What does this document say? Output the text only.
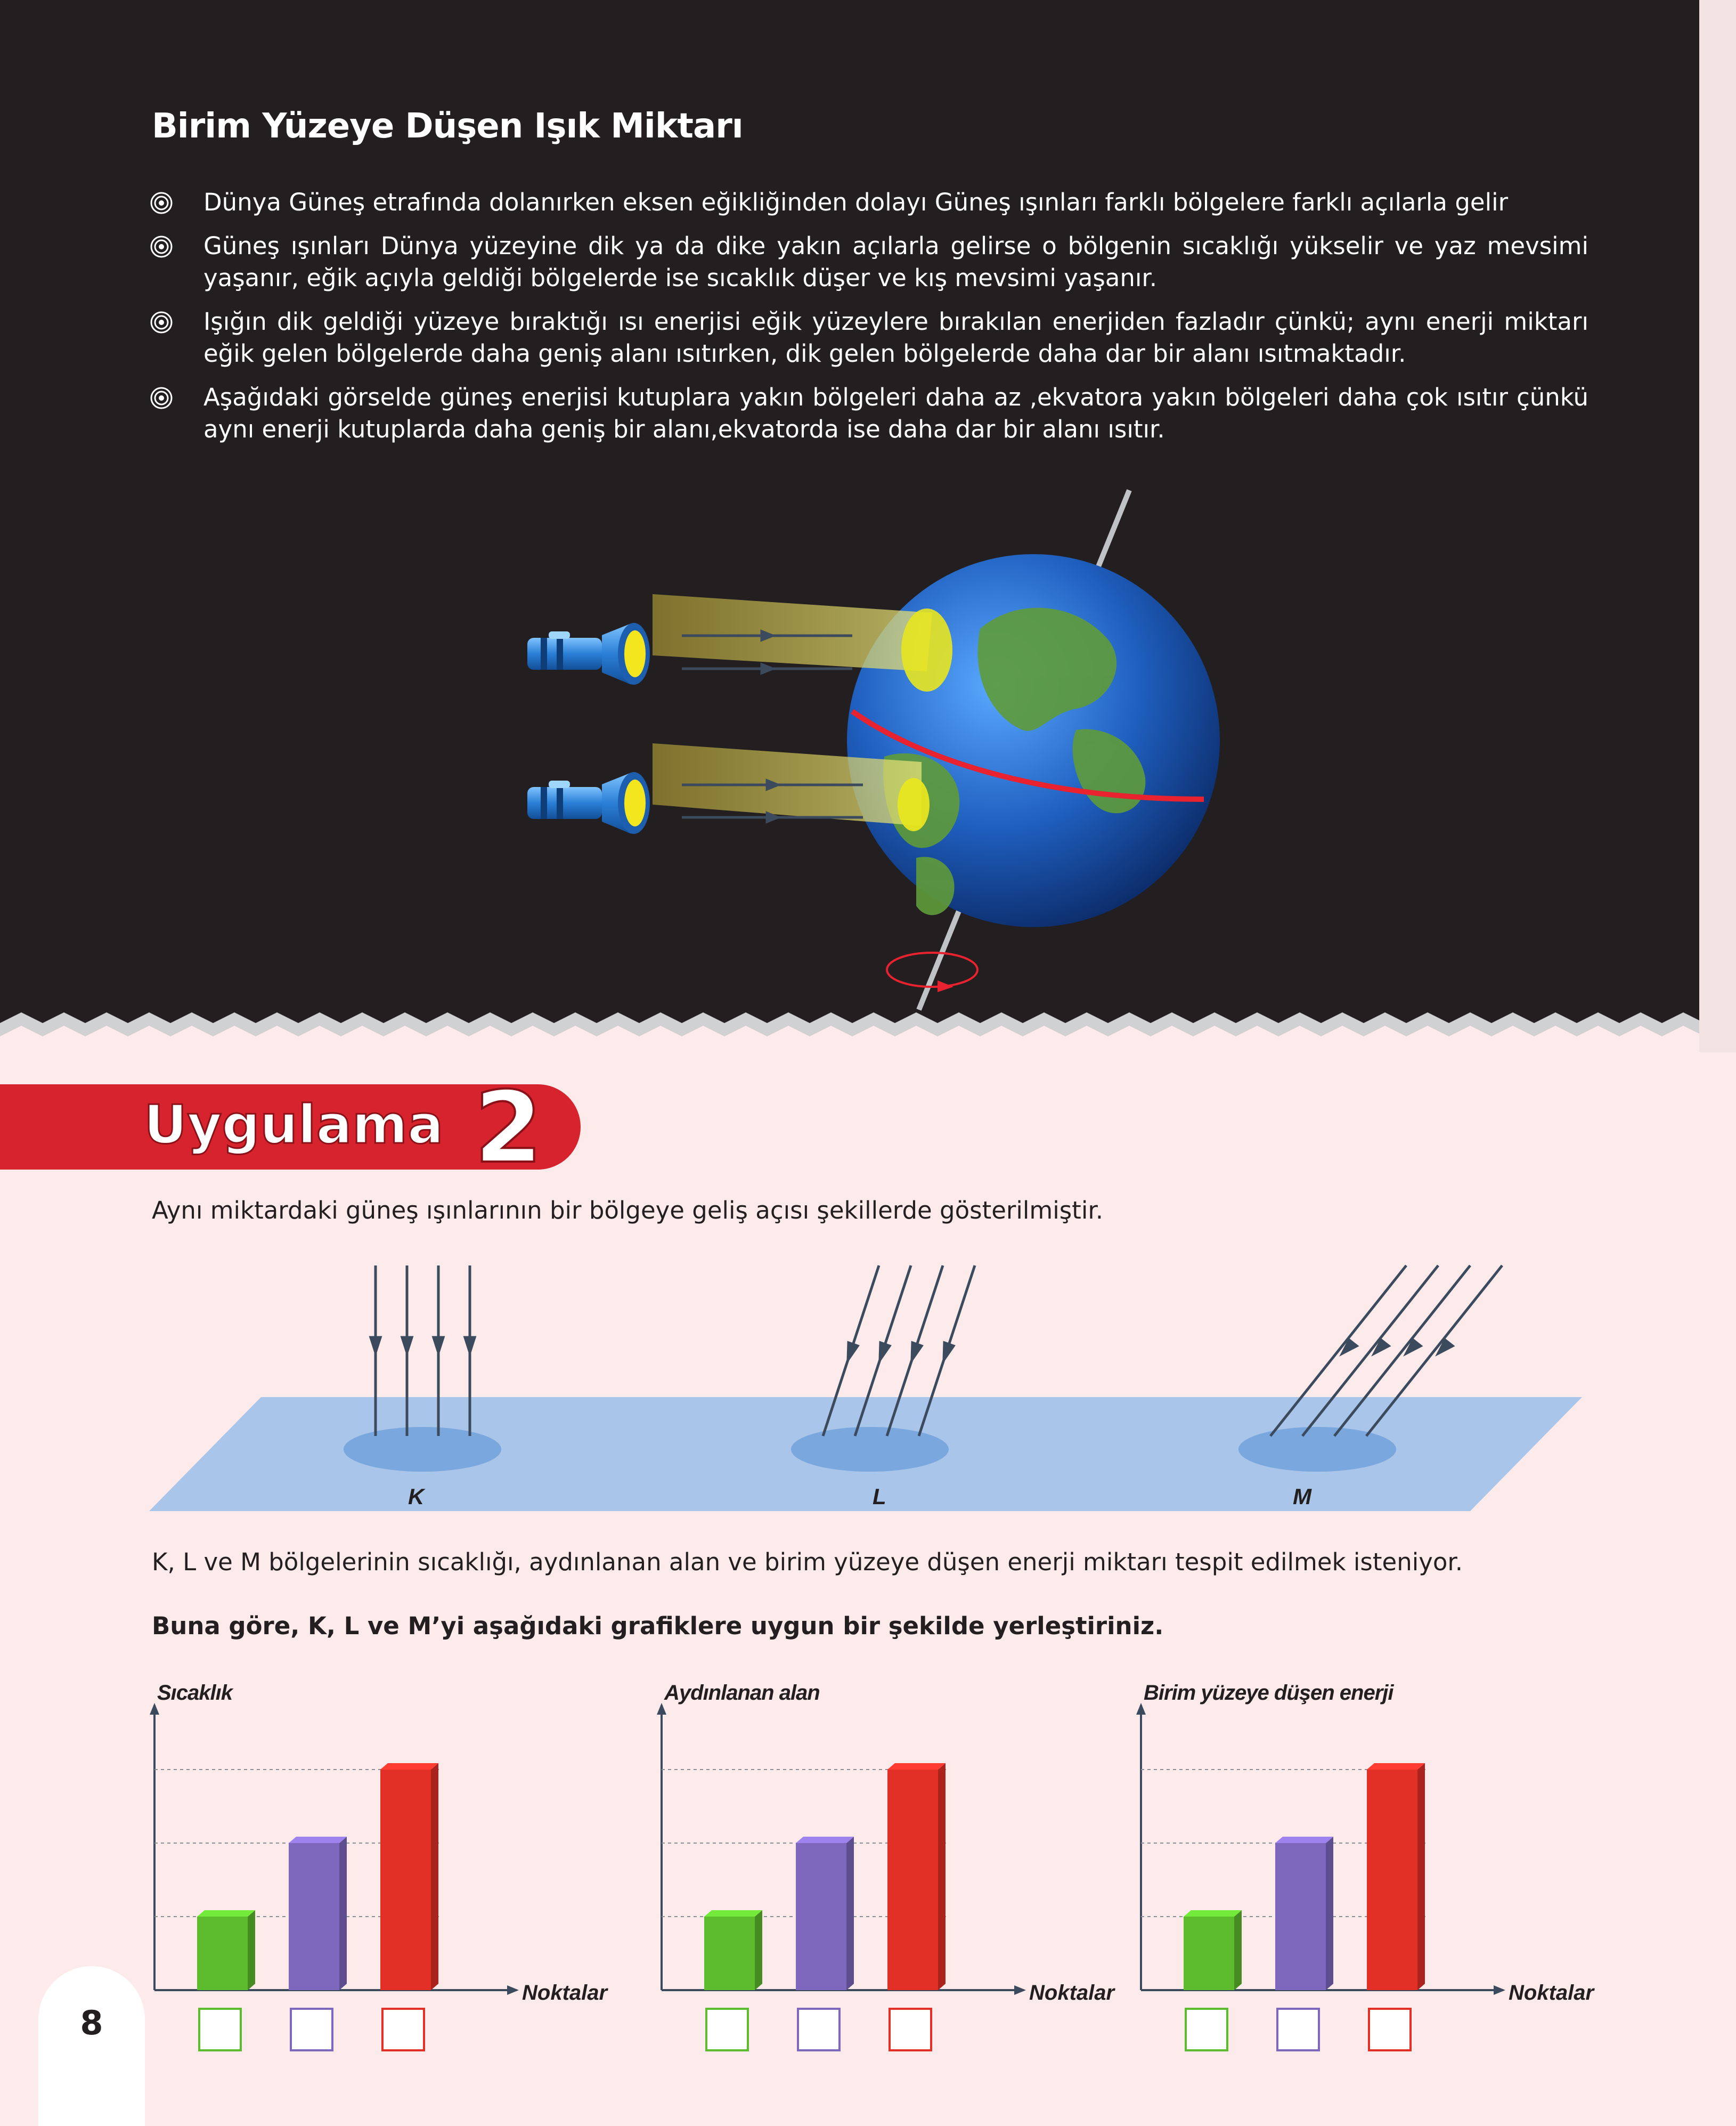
Birim Yüzeye Düşen Işık Miktarı
Dünya Güneş etrafında dolanırken eksen eğikliğinden dolayı Güneş ışınları farklı bölgelere farklı açılarla gelir
Güneş ışınları Dünya yüzeyine dik ya da dike yakın açılarla gelirse o bölgenin sıcaklığı yükselir ve yaz mevsimi yaşanır, eğik açıyla geldiği bölgelerde ise sıcaklık düşer ve kış mevsimi yaşanır.
Işığın dik geldiği yüzeye bıraktığı ısı enerjisi eğik yüzeylere bırakılan enerjiden fazladır çünkü; aynı enerji miktarı eğik gelen bölgelerde daha geniş alanı ısıtırken, dik gelen bölgelerde daha dar bir alanı ısıtmaktadır.
Aşağıdaki görselde güneş enerjisi kutuplara yakın bölgeleri daha az ,ekvatora yakın bölgeleri daha çok ısıtır çünkü aynı enerji kutuplarda daha geniş bir alanı,ekvatorda ise daha dar bir alanı ısıtır.
Uygulama 2

Aynı miktardaki güneş ışınlarının bir bölgeye geliş açısı şekillerde gösterilmiştir.

K	L	M

K, L ve M bölgelerinin sıcaklığı, aydınlanan alan ve birim yüzeye düşen enerji miktarı tespit edilmek isteniyor.

Buna göre, K, L ve M’yi aşağıdaki grafiklere uygun bir şekilde yerleştiriniz.

Sıcaklık

Noktalar

Aydınlanan alan

Noktalar

Birim yüzeye düşen enerji

Noktalar

8
